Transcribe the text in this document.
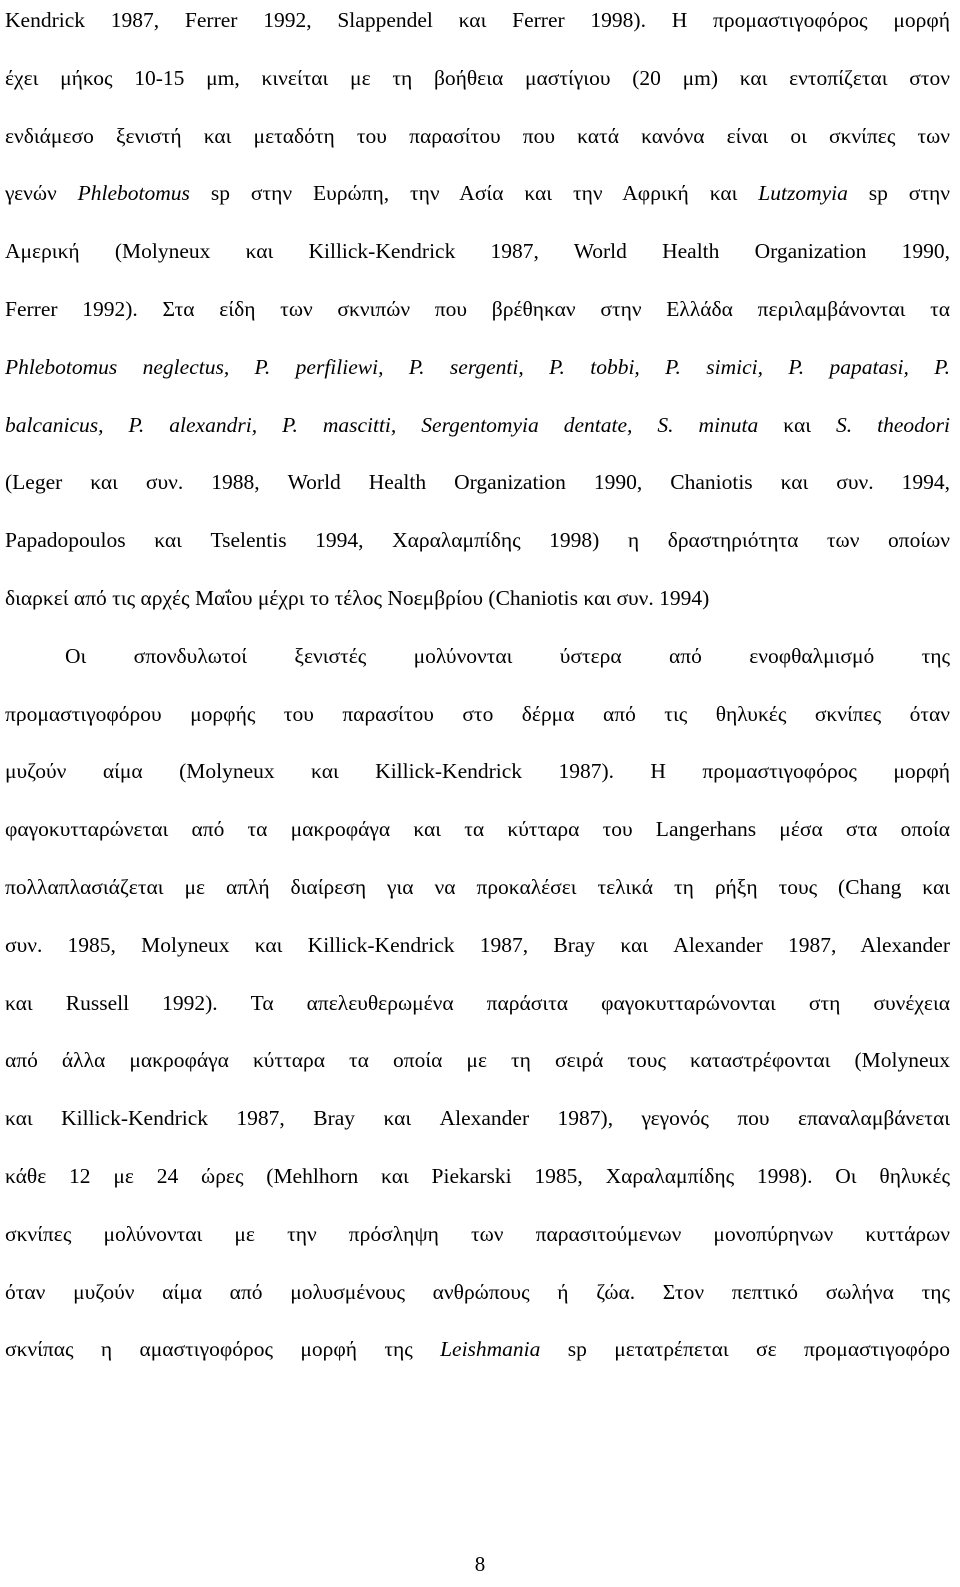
Kendrick 1987, Ferrer 1992, Slappendel και Ferrer 1998). Η προμαστιγοφόρος μορφή
έχει μήκος 10-15 μm, κινείται με τη βοήθεια μαστίγιου (20 μm) και εντοπίζεται στον
ενδιάμεσο ξενιστή και μεταδότη του παρασίτου που κατά κανόνα είναι οι σκνίπες των
γενών Phlebotomus sp στην Ευρώπη, την Ασία και την Αφρική και Lutzomyia sp στην
Αμερική (Molyneux και Killick-Kendrick 1987, World Health Organization 1990,
Ferrer 1992). Στα είδη των σκνιπών που βρέθηκαν στην Ελλάδα περιλαμβάνονται τα
Phlebotomus neglectus, P. perfiliewi, P. sergenti, P. tobbi, P. simici, P. papatasi, P.
balcanicus, P. alexandri, P. mascitti, Sergentomyia dentate, S. minuta και S. theodori
(Leger και συν. 1988, World Health Organization 1990, Chaniotis και συν. 1994,
Papadopoulos και Tselentis 1994, Χαραλαμπίδης 1998) η δραστηριότητα των οποίων
διαρκεί από τις αρχές Μαΐου μέχρι το τέλος Νοεμβρίου (Chaniotis και συν. 1994)
Οι σπονδυλωτοί ξενιστές μολύνονται ύστερα από ενοφθαλμισμό της
προμαστιγοφόρου μορφής του παρασίτου στο δέρμα από τις θηλυκές σκνίπες όταν
μυζούν αίμα (Molyneux και Killick-Kendrick 1987). Η προμαστιγοφόρος μορφή
φαγοκυτταρώνεται από τα μακροφάγα και τα κύτταρα του Langerhans μέσα στα οποία
πολλαπλασιάζεται με απλή διαίρεση για να προκαλέσει τελικά τη ρήξη τους (Chang και
συν. 1985, Molyneux και Killick-Kendrick 1987, Bray και Alexander 1987, Alexander
και Russell 1992). Τα απελευθερωμένα παράσιτα φαγοκυτταρώνονται στη συνέχεια
από άλλα μακροφάγα κύτταρα τα οποία με τη σειρά τους καταστρέφονται (Molyneux
και Killick-Kendrick 1987, Bray και Alexander 1987), γεγονός που επαναλαμβάνεται
κάθε 12 με 24 ώρες (Mehlhorn και Piekarski 1985, Χαραλαμπίδης 1998). Οι θηλυκές
σκνίπες μολύνονται με την πρόσληψη των παρασιτούμενων μονοπύρηνων κυττάρων
όταν μυζούν αίμα από μολυσμένους ανθρώπους ή ζώα. Στον πεπτικό σωλήνα της
σκνίπας η αμαστιγοφόρος μορφή της Leishmania sp μετατρέπεται σε προμαστιγοφόρο
8
